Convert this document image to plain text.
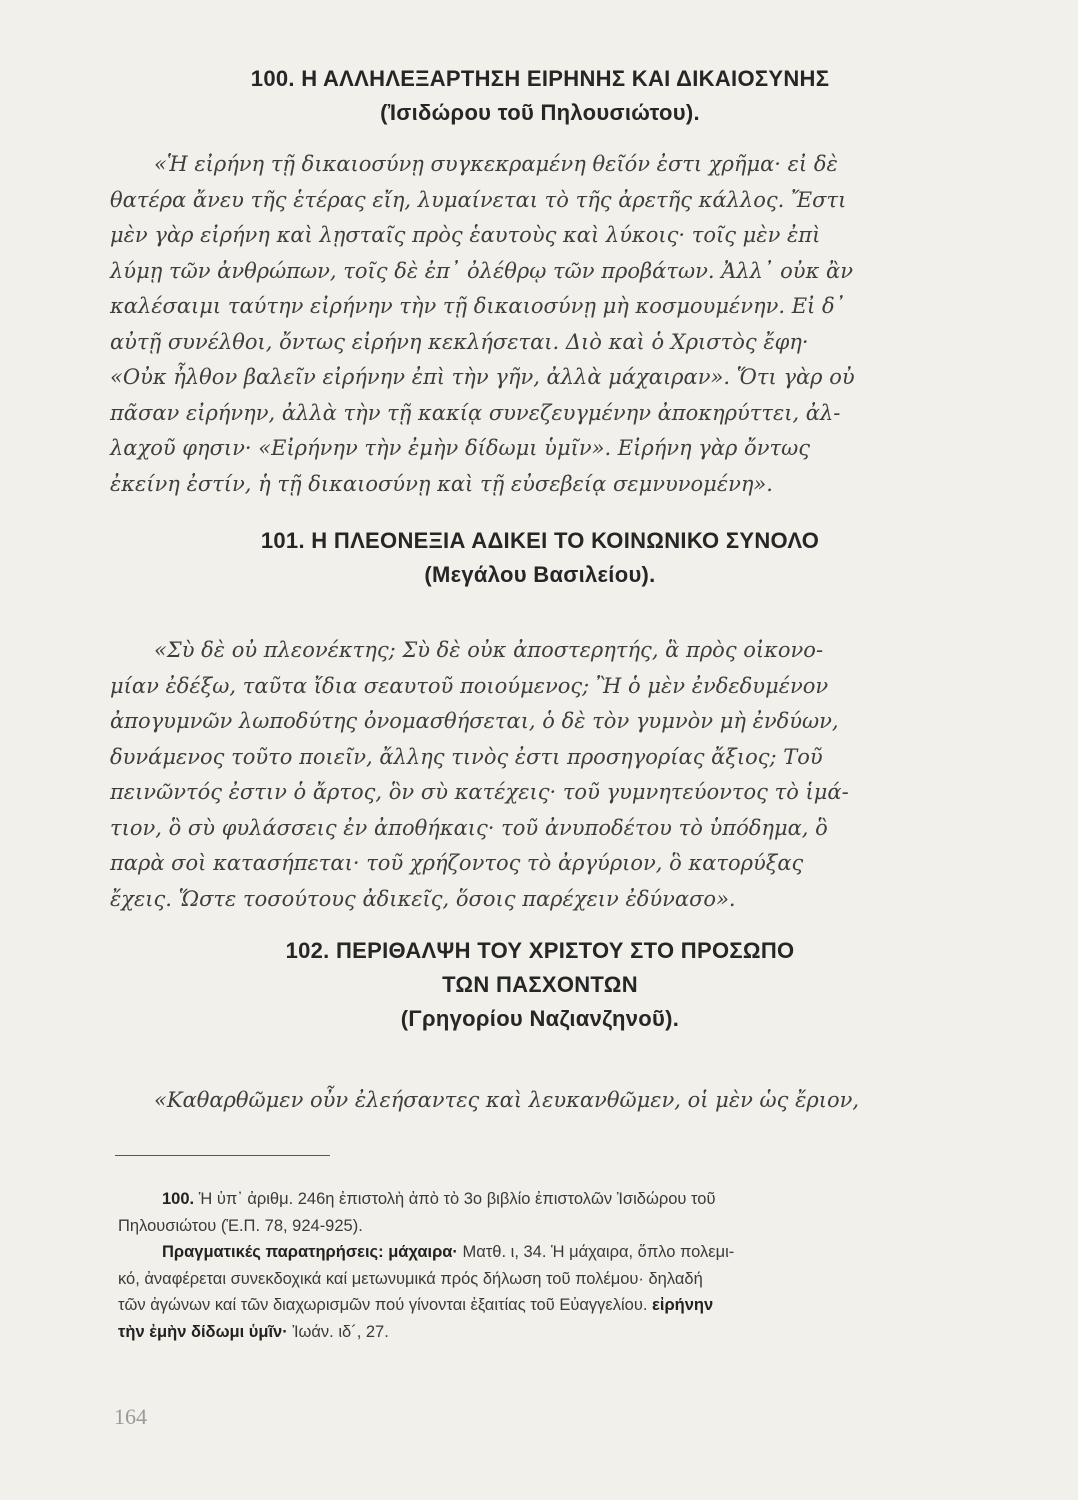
100. Η ΑΛΛΗΛΕΞΑΡΤΗΣΗ ΕΙΡΗΝΗΣ ΚΑΙ ΔΙΚΑΙΟΣΥΝΗΣ
(Ἰσιδώρου τοῦ Πηλουσιώτου).
«Ἡ εἰρήνη τῇ δικαιοσύνῃ συγκεκραμένη θεῖόν ἐστι χρῆμα· εἰ δὲ
θατέρα ἄνευ τῆς ἑτέρας εἴη, λυμαίνεται τὸ τῆς ἀρετῆς κάλλος. Ἔστι
μὲν γὰρ εἰρήνη καὶ λῃσταῖς πρὸς ἑαυτοὺς καὶ λύκοις· τοῖς μὲν ἐπὶ
λύμῃ τῶν ἀνθρώπων, τοῖς δὲ ἐπ᾽ ὀλέθρῳ τῶν προβάτων. Ἀλλ᾽ οὐκ ἂν
καλέσαιμι ταύτην εἰρήνην τὴν τῇ δικαιοσύνῃ μὴ κοσμουμένην. Εἰ δ᾽
αὐτῇ συνέλθοι, ὄντως εἰρήνη κεκλήσεται. Διὸ καὶ ὁ Χριστὸς ἔφη·
«Οὐκ ἦλθον βαλεῖν εἰρήνην ἐπὶ τὴν γῆν, ἀλλὰ μάχαιραν». Ὅτι γὰρ οὐ
πᾶσαν εἰρήνην, ἀλλὰ τὴν τῇ κακίᾳ συνεζευγμένην ἀποκηρύττει, ἀλ-
λαχοῦ φησιν· «Εἰρήνην τὴν ἐμὴν δίδωμι ὑμῖν». Εἰρήνη γὰρ ὄντως
ἐκείνη ἐστίν, ἡ τῇ δικαιοσύνῃ καὶ τῇ εὐσεβείᾳ σεμνυνομένη».
101. Η ΠΛΕΟΝΕΞΙΑ ΑΔΙΚΕΙ ΤΟ ΚΟΙΝΩΝΙΚΟ ΣΥΝΟΛΟ
(Μεγάλου Βασιλείου).
«Σὺ δὲ οὐ πλεονέκτης; Σὺ δὲ οὐκ ἀποστερητής, ἃ πρὸς οἰκονο-
μίαν ἐδέξω, ταῦτα ἴδια σεαυτοῦ ποιούμενος; Ἢ ὁ μὲν ἐνδεδυμένον
ἀπογυμνῶν λωποδύτης ὀνομασθήσεται, ὁ δὲ τὸν γυμνὸν μὴ ἐνδύων,
δυνάμενος τοῦτο ποιεῖν, ἄλλης τινὸς ἐστι προσηγορίας ἄξιος; Τοῦ
πεινῶντός ἐστιν ὁ ἄρτος, ὃν σὺ κατέχεις· τοῦ γυμνητεύοντος τὸ ἱμά-
τιον, ὃ σὺ φυλάσσεις ἐν ἀποθήκαις· τοῦ ἀνυποδέτου τὸ ὑπόδημα, ὃ
παρὰ σοὶ κατασήπεται· τοῦ χρήζοντος τὸ ἀργύριον, ὃ κατορύξας
ἔχεις. Ὥστε τοσούτους ἀδικεῖς, ὅσοις παρέχειν ἐδύνασο».
102. ΠΕΡΙΘΑΛΨΗ ΤΟΥ ΧΡΙΣΤΟΥ ΣΤΟ ΠΡΟΣΩΠΟ
ΤΩΝ ΠΑΣΧΟΝΤΩΝ
(Γρηγορίου Ναζιανζηνοῦ).
«Καθαρθῶμεν οὖν ἐλεήσαντες καὶ λευκανθῶμεν, οἱ μὲν ὡς ἔριον,

100. Ἡ ὑπ᾽ ἀριθμ. 246η ἐπιστολὴ ἀπὸ τὸ 3ο βιβλίο ἐπιστολῶν Ἰσιδώρου τοῦ

Πηλουσιώτου (Ἑ.Π. 78, 924-925).

Πραγματικές παρατηρήσεις: μάχαιρα· Ματθ. ι, 34. Ἡ μάχαιρα, ὅπλο πολεμι-

κό, ἀναφέρεται συνεκδοχικά καί μετωνυμικά πρός δήλωση τοῦ πολέμου· δηλαδή

τῶν ἀγώνων καί τῶν διαχωρισμῶν πού γίνονται ἐξαιτίας τοῦ Εὐαγγελίου. εἰρήνην

τὴν ἐμὴν δίδωμι ὑμῖν· Ἰωάν. ιδ´, 27.

164
